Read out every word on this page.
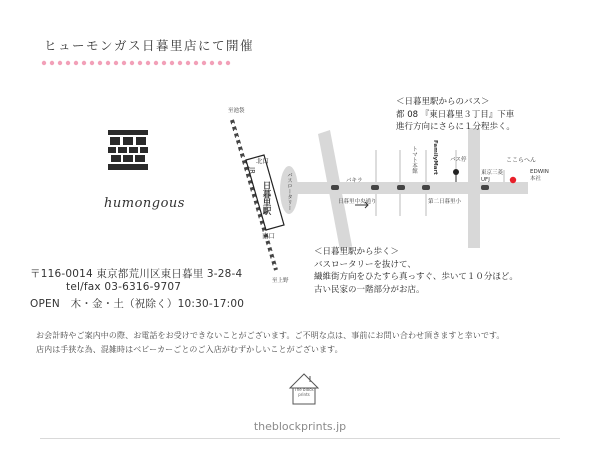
ヒューモンガス日暮里店にて開催
humongous
〒116-0014 東京都荒川区東日暮里 3-28-4
tel/fax 03-6316-9707
OPEN　木・金・土（祝除く）10:30-17:00
至池袋
北口
南口
至上野
JR
日暮里駅	バスロータリー	パキラ
トマト本館	FamilyMart バス停
東京三菱UFJ
EDWIN本社
ここらへん
日暮里中央通り	第二日暮里小
＜日暮里駅からのバス＞
都 08 『東日暮里３丁目』下車
進行方向にさらに１分程歩く。
＜日暮里駅から歩く＞
バスロータリーを抜けて、
繊維街方向をひたすら真っすぐ、歩いて１０分ほど。
古い民家の一階部分がお店。
お会計時やご案内中の際、お電話をお受けできないことがございます。ご不明な点は、事前にお問い合わせ頂きますと幸いです。
店内は手狭な為、混雑時はベビーカーごとのご入店がむずかしいことがございます。
The block prints
theblockprints.jp
